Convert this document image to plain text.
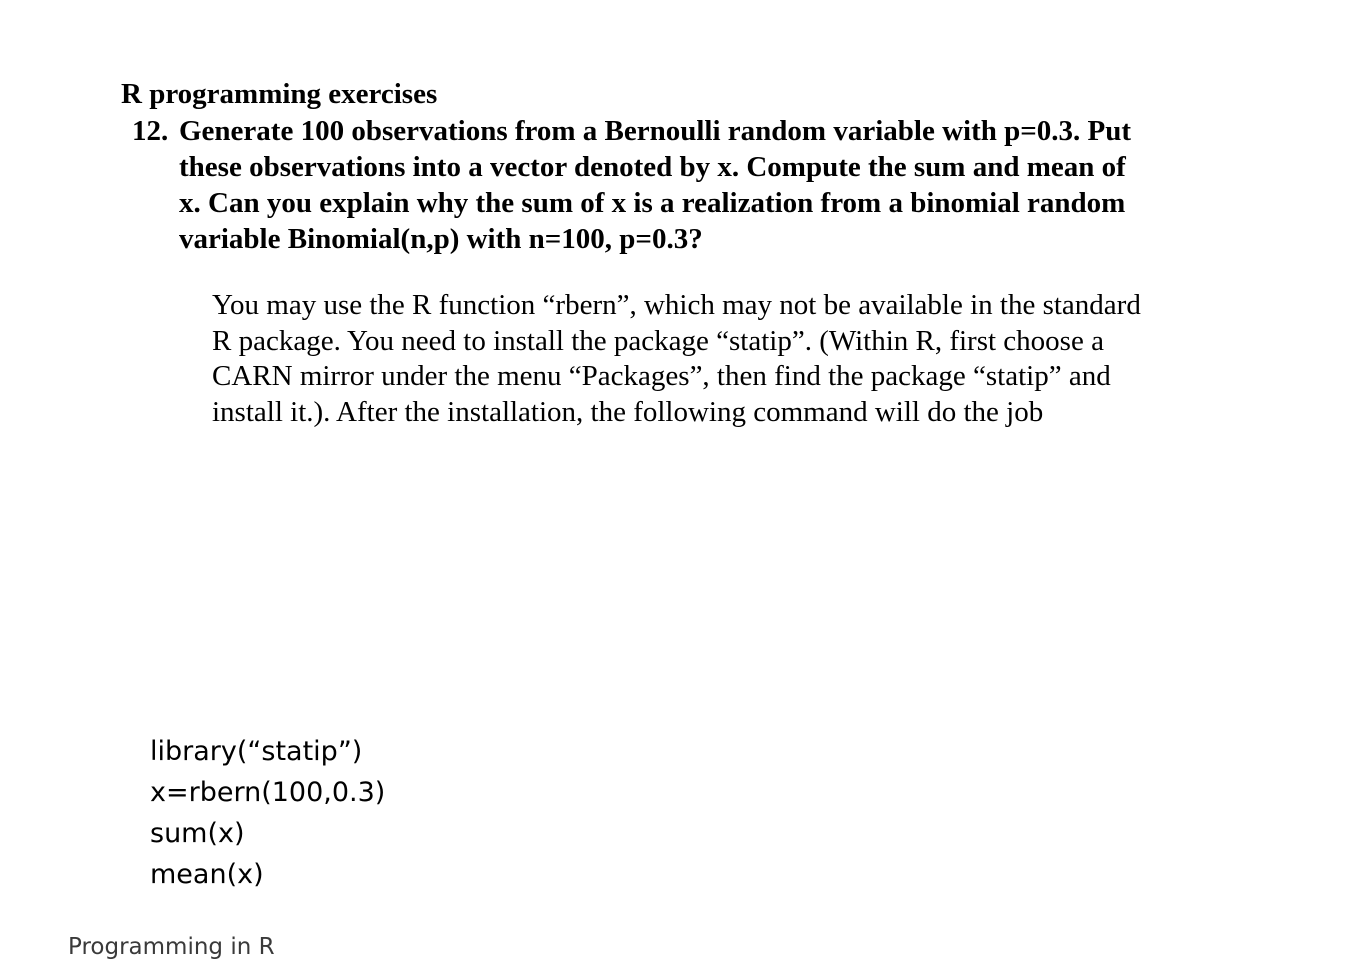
R programming exercises
12. Generate 100 observations from a Bernoulli random variable with p=0.3. Put
these observations into a vector denoted by x. Compute the sum and mean of
x. Can you explain why the sum of x is a realization from a binomial random
variable Binomial(n,p) with n=100, p=0.3?
You may use the R function “rbern”, which may not be available in the standard
R package. You need to install the package “statip”. (Within R, first choose a
CARN mirror under the menu “Packages”, then find the package “statip” and
install it.). After the installation, the following command will do the job
library(“statip”)
x=rbern(100,0.3)
sum(x)
mean(x)
Programming in R
